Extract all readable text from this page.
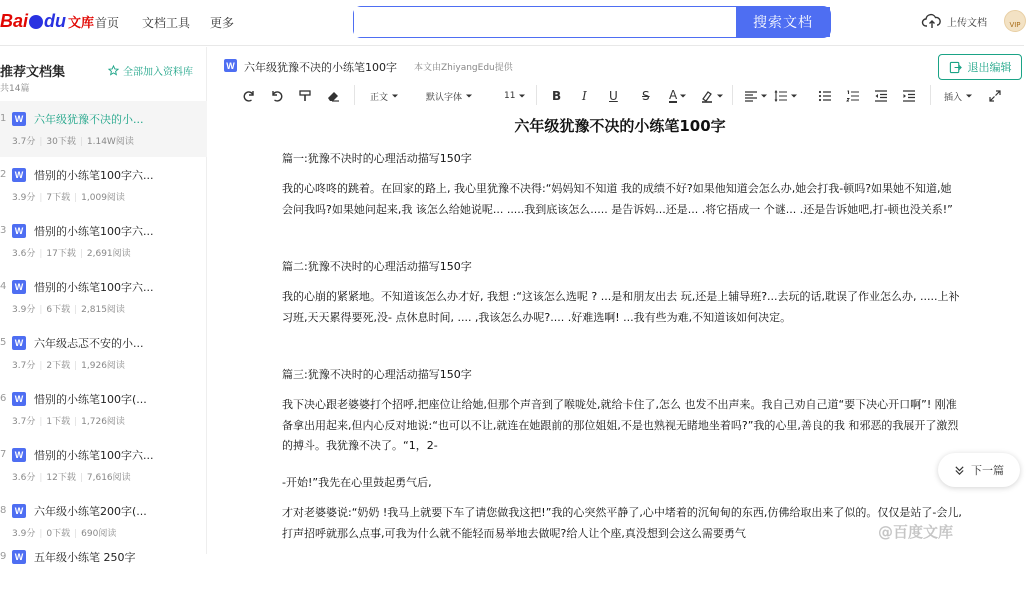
Bai du 文库 首页 文档工具 更多	搜索文档	上传文档	VIP
推荐文档集	全部加入资料库
共14篇
1 W 六年级犹豫不决的小...
3.7分 | 30下载 | 1.14W阅读
2 W 惜别的小练笔100字六...
3.9分 | 7下载 | 1,009阅读
3 W 惜别的小练笔100字六...
3.6分 | 17下载 | 2,691阅读
4 W 惜别的小练笔100字六...
3.9分 | 6下载 | 2,815阅读
5 W 六年级忐忑不安的小...
3.7分 | 2下载 | 1,926阅读
6 W 惜别的小练笔100字(...
3.7分 | 1下载 | 1,726阅读
7 W 惜别的小练笔100字六...
3.6分 | 12下载 | 7,616阅读
8 W 六年级小练笔200字(...
3.9分 | 0下载 | 690阅读
9 W 五年级小练笔 250字
W 六年级犹豫不决的小练笔100字 本文由ZhiyangEdu提供	退出编辑
正文	默认字体	11	B I U S A	插入
六年级犹豫不决的小练笔100字
篇一:犹豫不决时的心理活动描写150字
我的心咚咚的跳着。在回家的路上, 我心里犹豫不决得:“妈妈知不知道 我的成绩不好?如果他知道会怎么办,她会打我-顿吗?如果她不知道,她会问我吗?如果她问起来,我 该怎么给她说呢... .....我到底该怎么..... 是告诉妈...还是... .将它捂成一 个谜... .还是告诉她吧,打-顿也没关系!”
篇二:犹豫不决时的心理活动描写150字
我的心崩的紧紧地。不知道该怎么办才好, 我想 :“这该怎么选呢 ? ...是和朋友出去 玩,还是上辅导班?...去玩的话,耽误了作业怎么办, .....上补习班,天天累得要死,没- 点休息时间, .... ,我该怎么办呢?.... .好难选啊! ...我有些为难,不知道该如何决定。
篇三:犹豫不决时的心理活动描写150字
我下决心跟老婆婆打个招呼,把座位让给她,但那个声音到了喉咙处,就给卡住了,怎么 也发不出声来。我自己劝自己道“要下决心开口啊”! 刚准备拿出用起来,但内心反对地说:“也可以不让,就连在她跟前的那位姐姐,不是也熟视无睹地坐着吗?”我的心里,善良的我 和邪恶的我展开了激烈的搏斗。我犹豫不决了。“1，2-
-开始!”我先在心里鼓起勇气后,
才对老婆婆说:“奶奶 !我马上就要下车了请您做我这把!”我的心突然平静了,心中堵着的沉甸甸的东西,仿佛给取出来了似的。仅仅是站了-会儿,打声招呼就那么点事,可我为什么就不能轻而易举地去做呢?给人让个座,真没想到会这么需要勇气
下一篇
@百度文库
